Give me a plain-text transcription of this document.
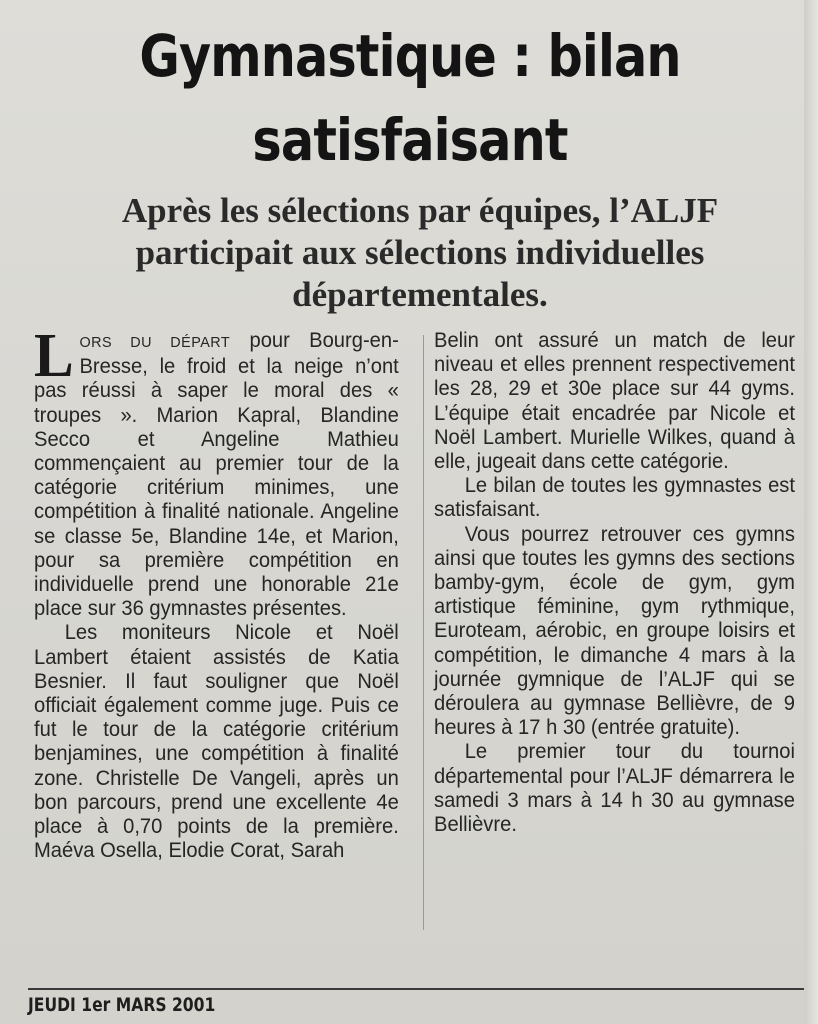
Gymnastique : bilan satisfaisant
Après les sélections par équipes, l’ALJF participait aux sélections individuelles départementales.

LORS DU DÉPART pour Bourg-en-Bresse, le froid et la neige n’ont pas réussi à saper le moral des « troupes ». Marion Kapral, Blandine Secco et Angeline Mathieu commençaient au premier tour de la catégorie critérium minimes, une compétition à finalité nationale. Angeline se classe 5e, Blandine 14e, et Marion, pour sa première compétition en individuelle prend une honorable 21e place sur 36 gymnastes présentes.

Les moniteurs Nicole et Noël Lambert étaient assistés de Katia Besnier. Il faut souligner que Noël officiait également comme juge. Puis ce fut le tour de la catégorie critérium benjamines, une compétition à finalité zone. Christelle De Vangeli, après un bon parcours, prend une excellente 4e place à 0,70 points de la première. Maéva Osella, Elodie Corat, Sarah

Belin ont assuré un match de leur niveau et elles prennent respectivement les 28, 29 et 30e place sur 44 gyms. L’équipe était encadrée par Nicole et Noël Lambert. Murielle Wilkes, quand à elle, jugeait dans cette catégorie.

Le bilan de toutes les gymnastes est satisfaisant.

Vous pourrez retrouver ces gymns ainsi que toutes les gymns des sections bamby-gym, école de gym, gym artistique féminine, gym rythmique, Euroteam, aérobic, en groupe loisirs et compétition, le dimanche 4 mars à la journée gymnique de l’ALJF qui se déroulera au gymnase Bellièvre, de 9 heures à 17 h 30 (entrée gratuite).

Le premier tour du tournoi départemental pour l’ALJF démarrera le samedi 3 mars à 14 h 30 au gymnase Bellièvre.

JEUDI 1er MARS 2001
